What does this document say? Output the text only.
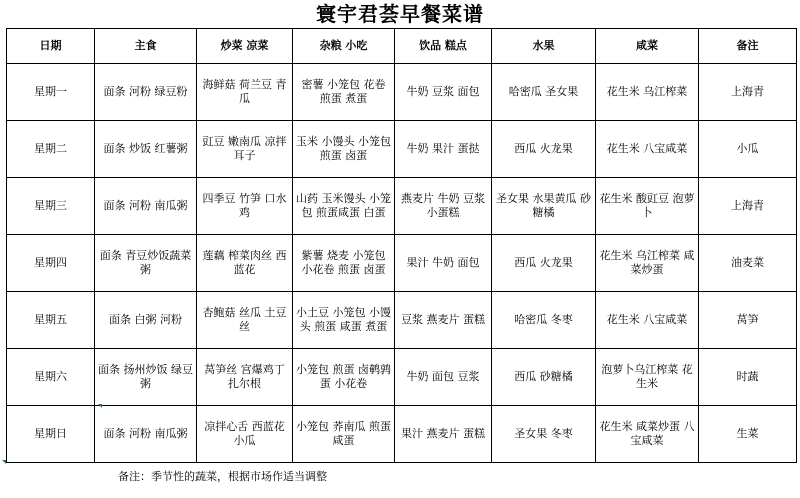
寰宇君荟早餐菜谱
日期	主食	炒菜 凉菜	杂粮 小吃	饮品 糕点	水果	咸菜	备注
星期一	面条 河粉 绿豆粉	海鲜菇 荷兰豆 青瓜	密薯 小笼包 花卷 煎蛋 煮蛋	牛奶 豆浆 面包	哈密瓜 圣女果	花生米 乌江榨菜	上海青
星期二	面条 炒饭 红薯粥	豇豆 嫩南瓜 凉拌耳子	玉米 小馒头 小笼包煎蛋 卤蛋	牛奶 果汁 蛋挞	西瓜 火龙果	花生米 八宝咸菜	小瓜
星期三	面条 河粉 南瓜粥	四季豆 竹笋 口水鸡	山药 玉米馒头 小笼包 煎蛋咸蛋 白蛋	燕麦片 牛奶 豆浆 小蛋糕	圣女果 水果黄瓜 砂糖橘	花生米 酸豇豆 泡萝卜	上海青
星期四	面条 青豆炒饭蔬菜粥	莲藕 榨菜肉丝 西蓝花	紫薯 烧麦 小笼包 小花卷 煎蛋 卤蛋	果汁 牛奶 面包	西瓜 火龙果	花生米 乌江榨菜 咸菜炒蛋	油麦菜
星期五	面条 白粥 河粉	杏鲍菇 丝瓜 土豆丝	小土豆 小笼包 小馒头 煎蛋 咸蛋 煮蛋	豆浆 燕麦片 蛋糕	哈密瓜 冬枣	花生米 八宝咸菜	莴笋
星期六	面条 扬州炒饭 绿豆粥	莴笋丝 宫爆鸡丁 扎尔根	小笼包 煎蛋 卤鹌鹑蛋 小花卷	牛奶 面包 豆浆	西瓜 砂糖橘	泡萝卜乌江榨菜 花生米	时蔬
星期日	面条 河粉 南瓜粥	凉拌心舌 西蓝花 小瓜	小笼包 荞南瓜 煎蛋 咸蛋	果汁 燕麦片 蛋糕	圣女果 冬枣	花生米 咸菜炒蛋 八宝咸菜	生菜
备注：季节性的蔬菜，根据市场作适当调整
